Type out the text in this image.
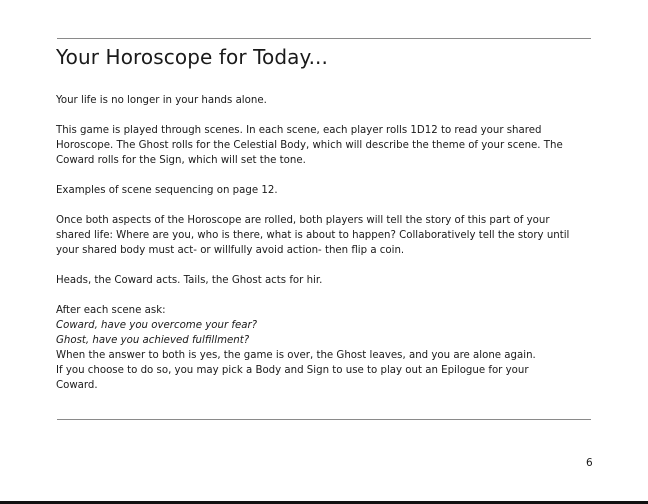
Your Horoscope for Today...

Your life is no longer in your hands alone.

This game is played through scenes. In each scene, each player rolls 1D12 to read your shared
Horoscope. The Ghost rolls for the Celestial Body, which will describe the theme of your scene. The
Coward rolls for the Sign, which will set the tone.

Examples of scene sequencing on page 12.

Once both aspects of the Horoscope are rolled, both players will tell the story of this part of your
shared life: Where are you, who is there, what is about to happen? Collaboratively tell the story until
your shared body must act- or willfully avoid action- then flip a coin.

Heads, the Coward acts. Tails, the Ghost acts for hir.

After each scene ask:
Coward, have you overcome your fear?
Ghost, have you achieved fulfillment?
When the answer to both is yes, the game is over, the Ghost leaves, and you are alone again.
If you choose to do so, you may pick a Body and Sign to use to play out an Epilogue for your
Coward.

6
